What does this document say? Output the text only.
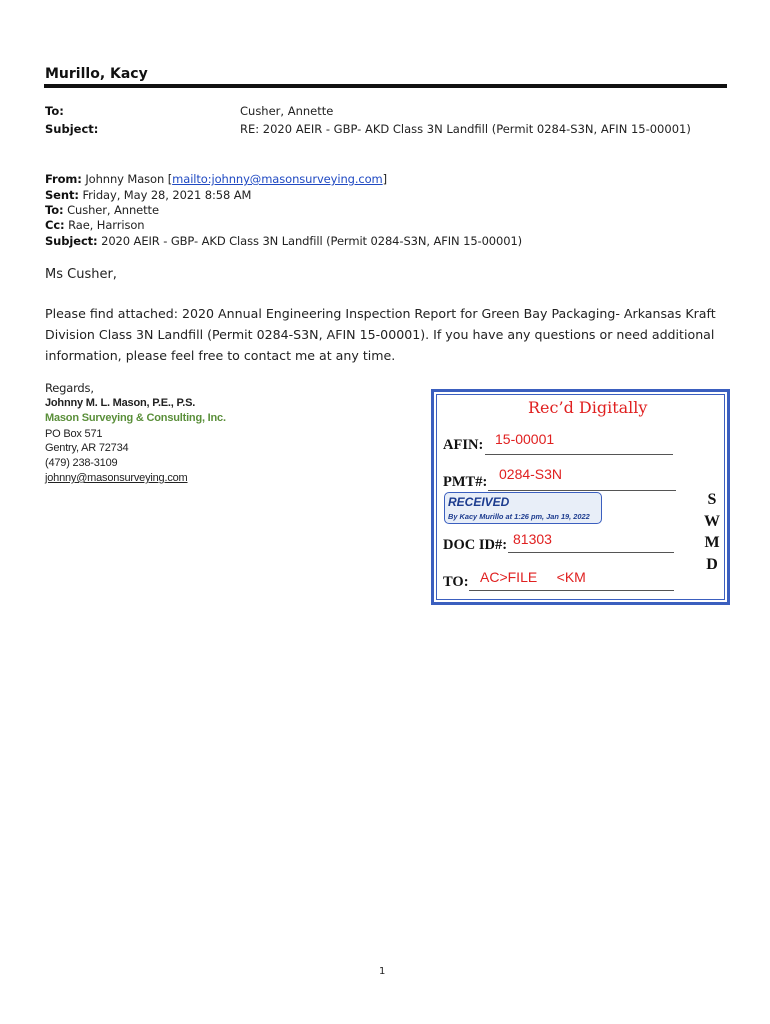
Murillo, Kacy
To:	Cusher, Annette
Subject:	RE: 2020 AEIR - GBP- AKD Class 3N Landfill (Permit 0284-S3N, AFIN 15-00001)
From: Johnny Mason [mailto:johnny@masonsurveying.com]
Sent: Friday, May 28, 2021 8:58 AM
To: Cusher, Annette
Cc: Rae, Harrison
Subject: 2020 AEIR - GBP- AKD Class 3N Landfill (Permit 0284-S3N, AFIN 15-00001)
Ms Cusher,

Please find attached: 2020 Annual Engineering Inspection Report for Green Bay Packaging- Arkansas Kraft

Division Class 3N Landfill (Permit 0284-S3N, AFIN 15-00001). If you have any questions or need additional

information, please feel free to contact me at any time.

Regards,
Johnny M. L. Mason, P.E., P.S.
Mason Surveying & Consulting, Inc.
PO Box 571
Gentry, AR 72734
(479) 238-3109
johnny@masonsurveying.com
Rec’d Digitally
AFIN: 15-00001
PMT#: 0284-S3N
RECEIVED
By Kacy Murillo at 1:26 pm, Jan 19, 2022
DOC ID#: 81303
TO: AC>FILE     <KM
S
W
M
D
1
